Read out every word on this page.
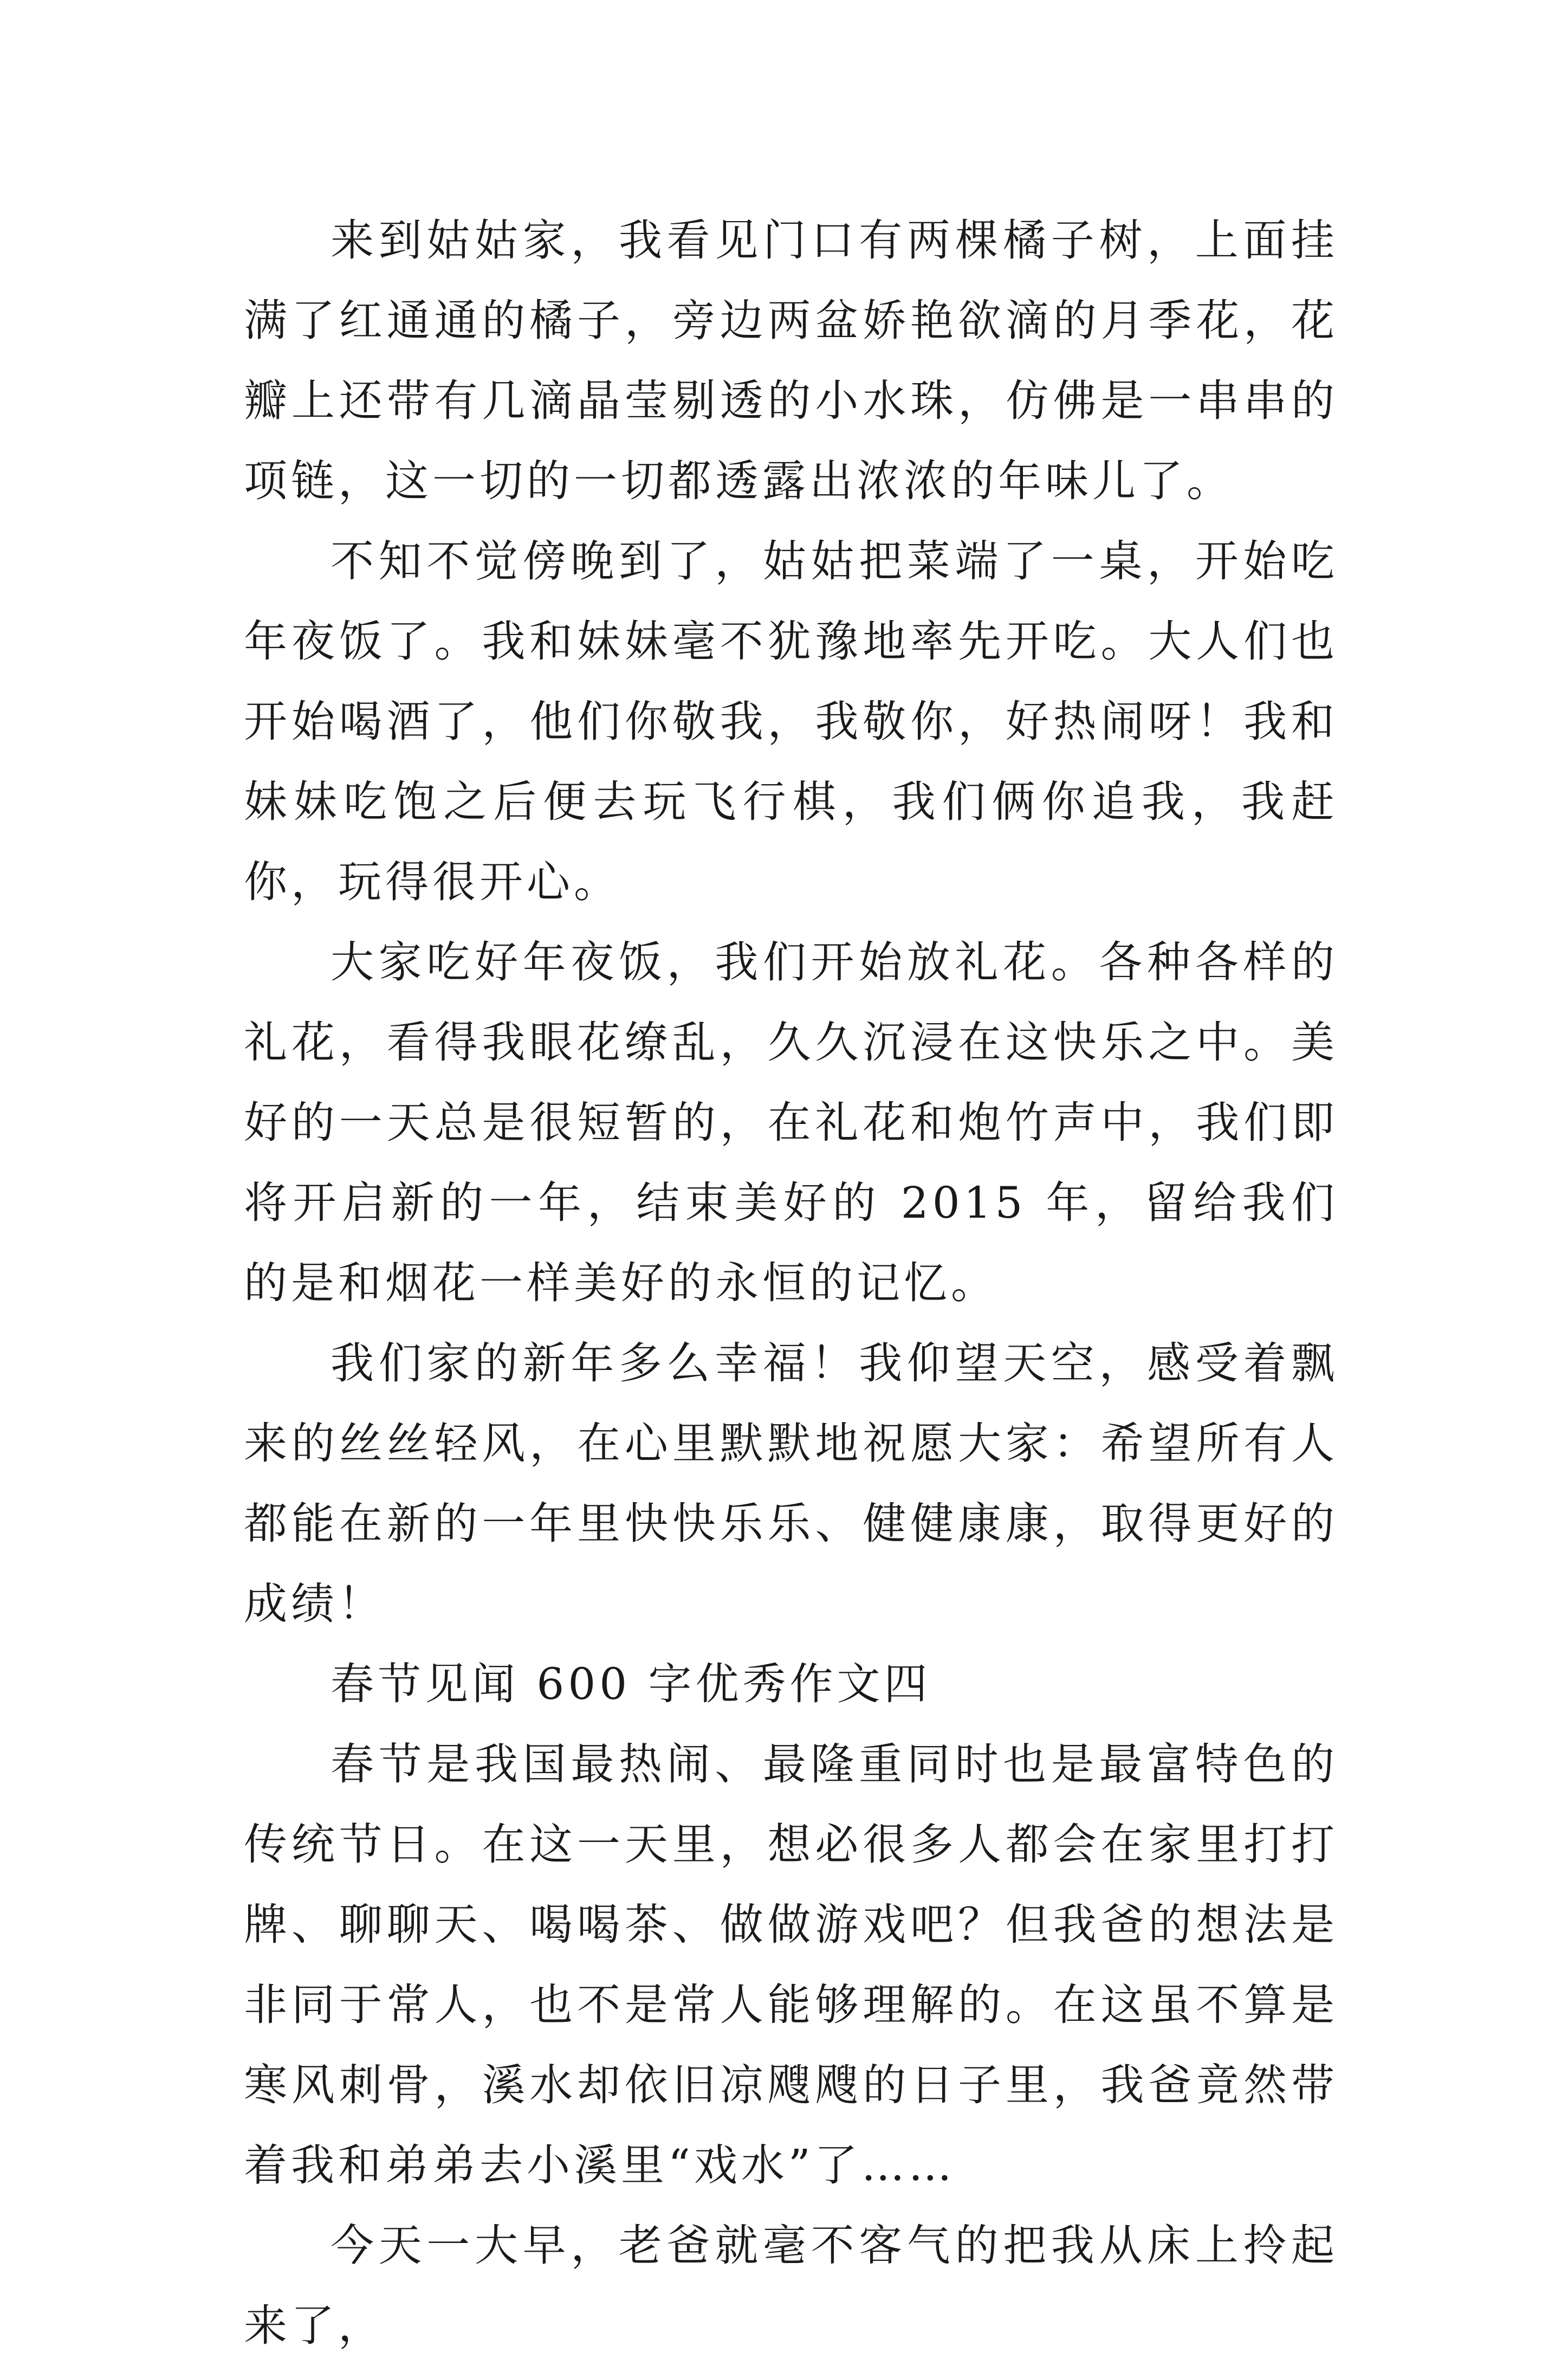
来到姑姑家，我看见门口有两棵橘子树，上面挂满了红通通的橘子，旁边两盆娇艳欲滴的月季花，花瓣上还带有几滴晶莹剔透的小水珠，仿佛是一串串的项链，这一切的一切都透露出浓浓的年味儿了。

不知不觉傍晚到了，姑姑把菜端了一桌，开始吃年夜饭了。我和妹妹毫不犹豫地率先开吃。大人们也开始喝酒了，他们你敬我，我敬你，好热闹呀！我和妹妹吃饱之后便去玩飞行棋，我们俩你追我，我赶你，玩得很开心。

大家吃好年夜饭，我们开始放礼花。各种各样的礼花，看得我眼花缭乱，久久沉浸在这快乐之中。美好的一天总是很短暂的，在礼花和炮竹声中，我们即将开启新的一年，结束美好的 2015 年，留给我们的是和烟花一样美好的永恒的记忆。

我们家的新年多么幸福！我仰望天空，感受着飘来的丝丝轻风，在心里默默地祝愿大家：希望所有人都能在新的一年里快快乐乐、健健康康，取得更好的成绩！

春节见闻 600 字优秀作文四

春节是我国最热闹、最隆重同时也是最富特色的传统节日。在这一天里，想必很多人都会在家里打打牌、聊聊天、喝喝茶、做做游戏吧？但我爸的想法是非同于常人，也不是常人能够理解的。在这虽不算是寒风刺骨，溪水却依旧凉飕飕的日子里，我爸竟然带着我和弟弟去小溪里“戏水”了……

今天一大早，老爸就毫不客气的把我从床上拎起来了，
